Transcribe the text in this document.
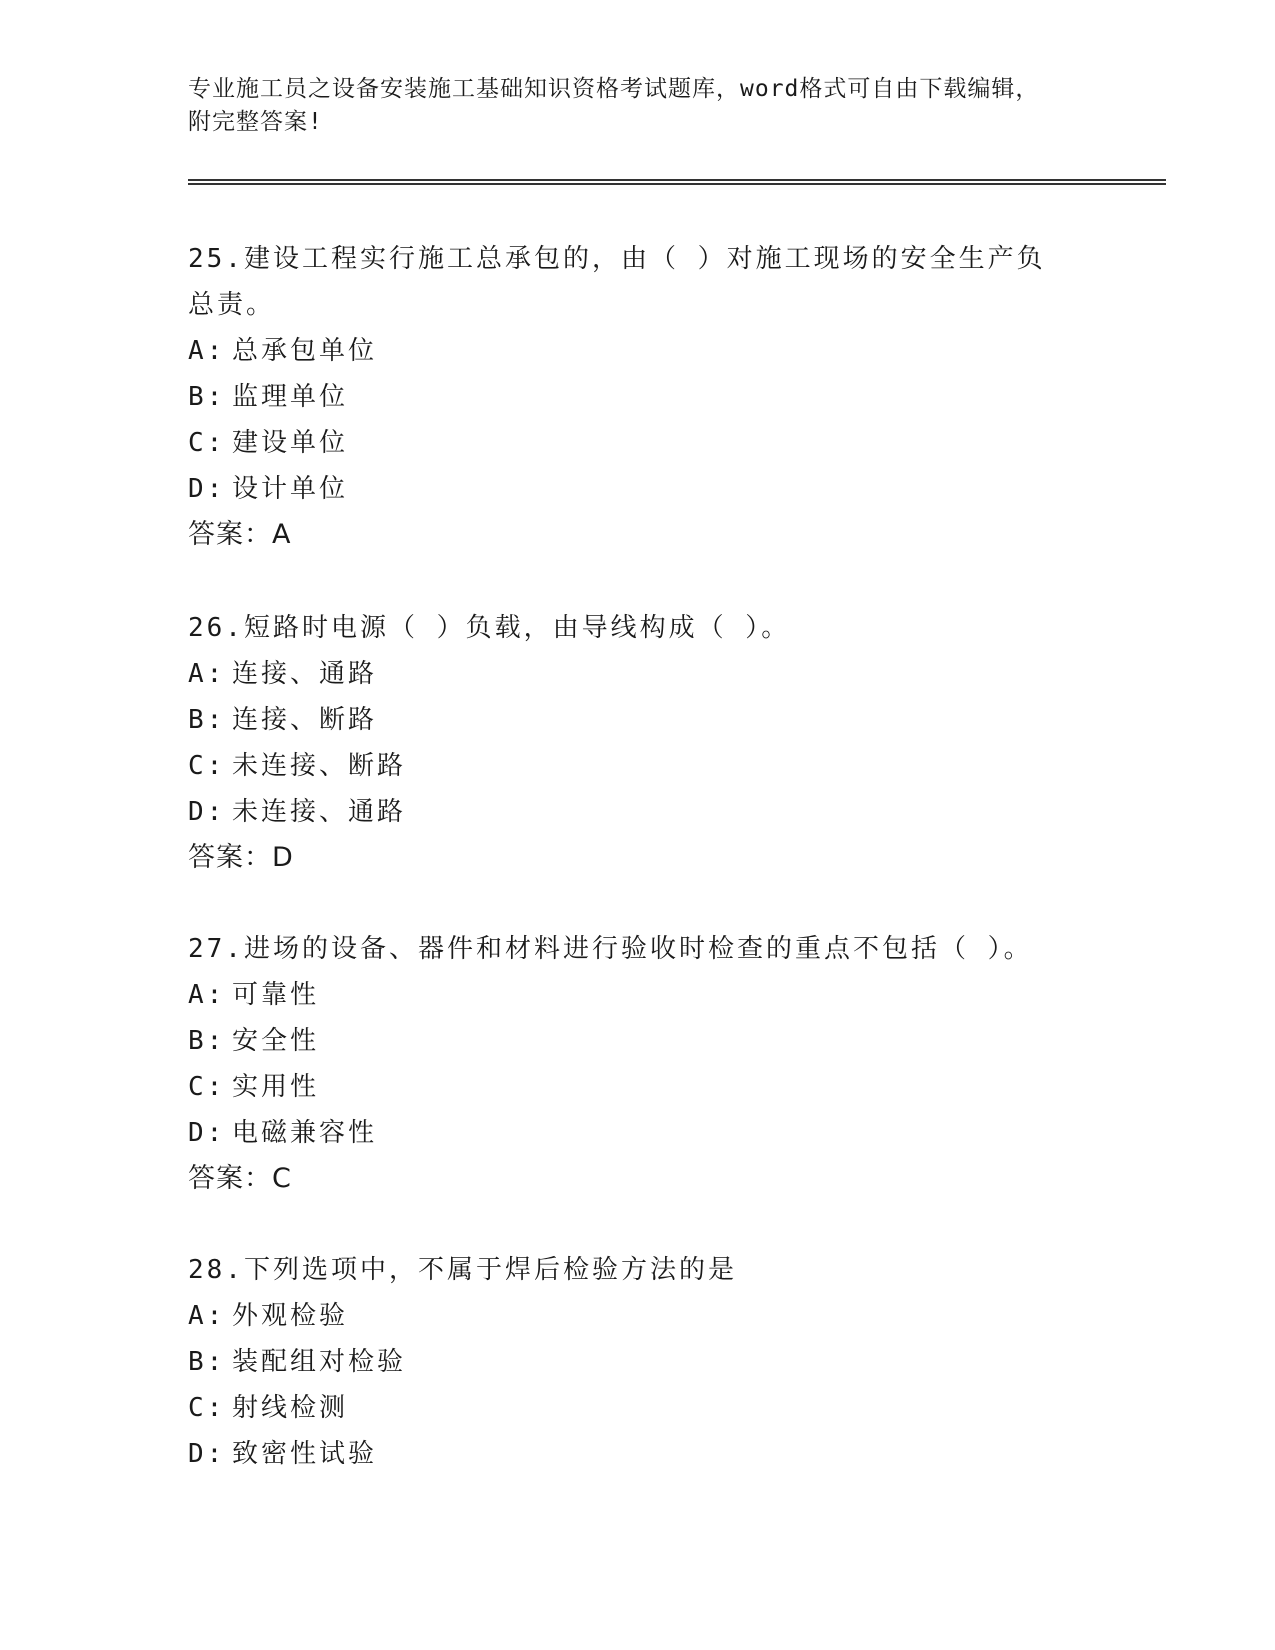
专业施工员之设备安装施工基础知识资格考试题库，word格式可自由下载编辑，

附完整答案!

25.建设工程实行施工总承包的，由（ ）对施工现场的安全生产负总责。

A: 总承包单位

B: 监理单位

C: 建设单位

D: 设计单位

答案：A

26.短路时电源（ ）负载，由导线构成（ ）。

A: 连接、通路

B: 连接、断路

C: 未连接、断路

D: 未连接、通路

答案：D

27.进场的设备、器件和材料进行验收时检查的重点不包括（ ）。

A: 可靠性

B: 安全性

C: 实用性

D: 电磁兼容性

答案：C

28.下列选项中，不属于焊后检验方法的是

A: 外观检验

B: 装配组对检验

C: 射线检测

D: 致密性试验
